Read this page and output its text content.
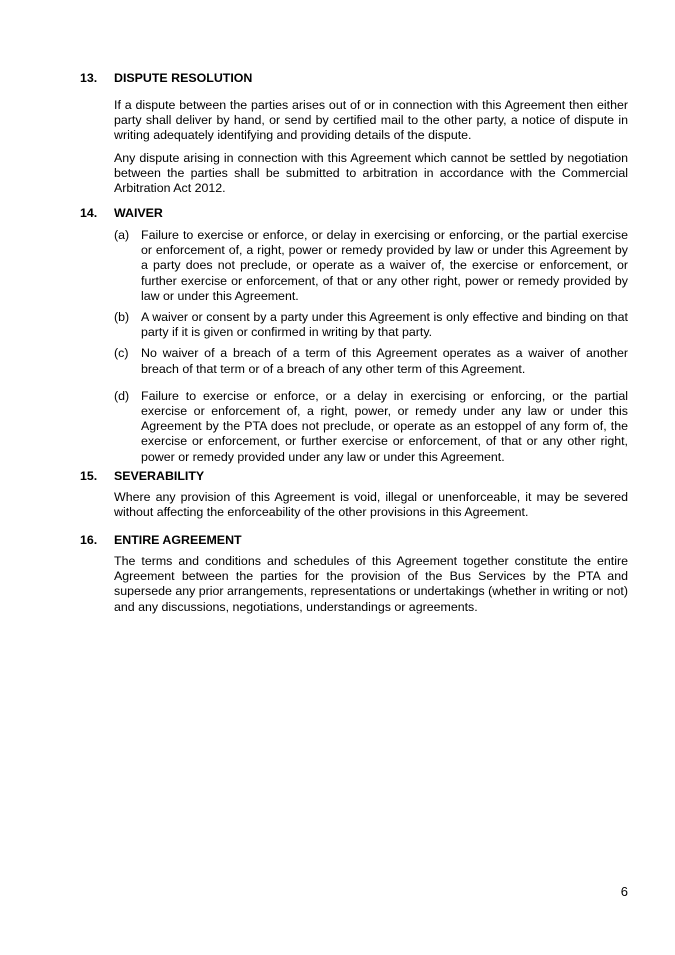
13.	DISPUTE RESOLUTION
If a dispute between the parties arises out of or in connection with this Agreement then either party shall deliver by hand, or send by certified mail to the other party, a notice of dispute in writing adequately identifying and providing details of the dispute.
Any dispute arising in connection with this Agreement which cannot be settled by negotiation between the parties shall be submitted to arbitration in accordance with the Commercial Arbitration Act 2012.
14.	WAIVER
(a) Failure to exercise or enforce, or delay in exercising or enforcing, or the partial exercise or enforcement of, a right, power or remedy provided by law or under this Agreement by a party does not preclude, or operate as a waiver of, the exercise or enforcement, or further exercise or enforcement, of that or any other right, power or remedy provided by law or under this Agreement.
(b) A waiver or consent by a party under this Agreement is only effective and binding on that party if it is given or confirmed in writing by that party.
(c)	No waiver of a breach of a term of this Agreement operates as a waiver of another breach of that term or of a breach of any other term of this Agreement.
(d) Failure to exercise or enforce, or a delay in exercising or enforcing, or the partial exercise or enforcement of, a right, power, or remedy under any law or under this Agreement by the PTA does not preclude, or operate as an estoppel of any form of, the exercise or enforcement, or further exercise or enforcement, of that or any other right, power or remedy provided under any law or under this Agreement.
15.	SEVERABILITY
Where any provision of this Agreement is void, illegal or unenforceable, it may be severed without affecting the enforceability of the other provisions in this Agreement.
16.	ENTIRE AGREEMENT
The terms and conditions and schedules of this Agreement together constitute the entire Agreement between the parties for the provision of the Bus Services by the PTA and supersede any prior arrangements, representations or undertakings (whether in writing or not) and any discussions, negotiations, understandings or agreements.
6
